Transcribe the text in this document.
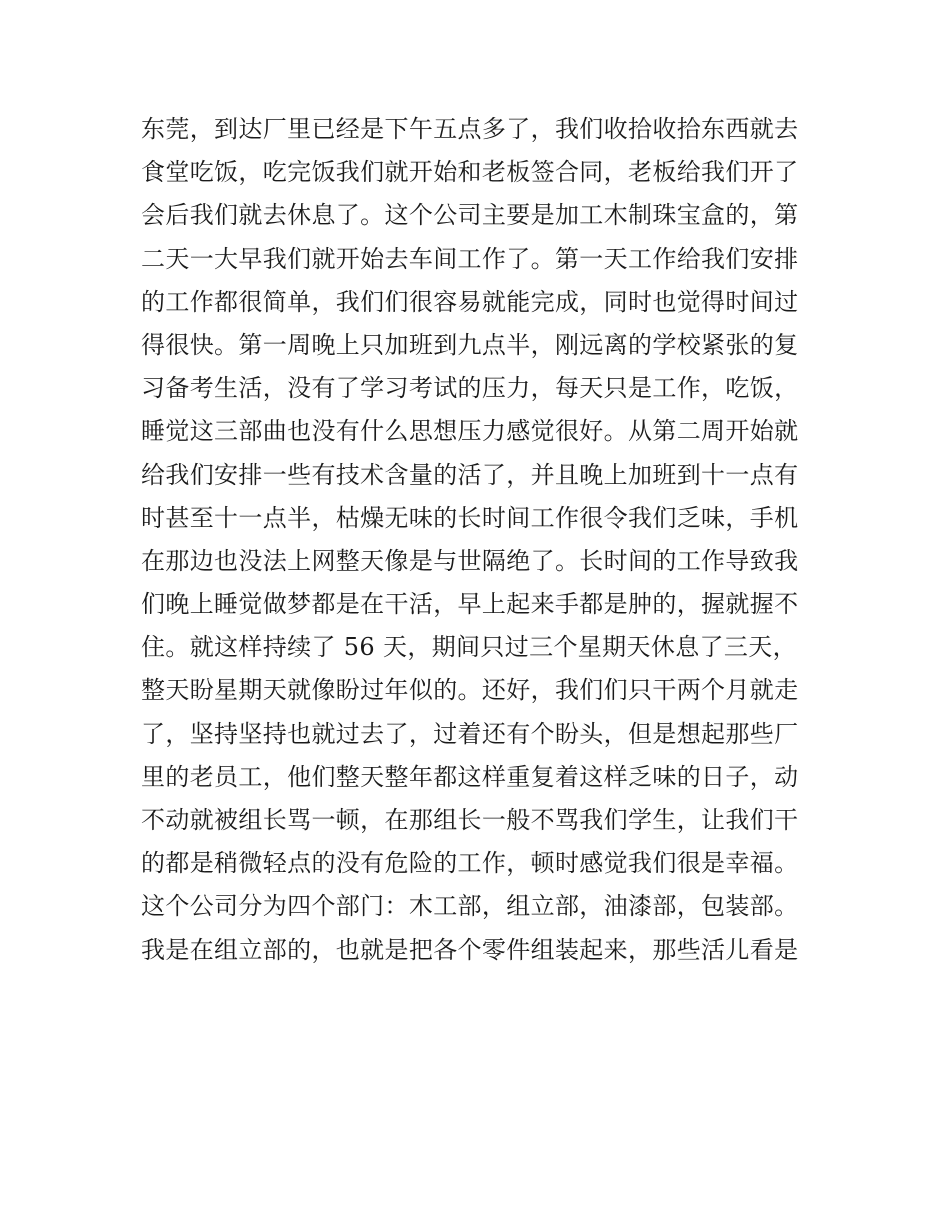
东莞，到达厂里已经是下午五点多了，我们收拾收拾东西就去
食堂吃饭，吃完饭我们就开始和老板签合同，老板给我们开了
会后我们就去休息了。这个公司主要是加工木制珠宝盒的，第
二天一大早我们就开始去车间工作了。第一天工作给我们安排
的工作都很简单，我们们很容易就能完成，同时也觉得时间过
得很快。第一周晚上只加班到九点半，刚远离的学校紧张的复
习备考生活，没有了学习考试的压力，每天只是工作，吃饭，
睡觉这三部曲也没有什么思想压力感觉很好。从第二周开始就
给我们安排一些有技术含量的活了，并且晚上加班到十一点有
时甚至十一点半，枯燥无味的长时间工作很令我们乏味，手机
在那边也没法上网整天像是与世隔绝了。长时间的工作导致我
们晚上睡觉做梦都是在干活，早上起来手都是肿的，握就握不
住。就这样持续了 56 天，期间只过三个星期天休息了三天，
整天盼星期天就像盼过年似的。还好，我们们只干两个月就走
了，坚持坚持也就过去了，过着还有个盼头，但是想起那些厂
里的老员工，他们整天整年都这样重复着这样乏味的日子，动
不动就被组长骂一顿，在那组长一般不骂我们学生，让我们干
的都是稍微轻点的没有危险的工作，顿时感觉我们很是幸福。
这个公司分为四个部门：木工部，组立部，油漆部，包装部。
我是在组立部的，也就是把各个零件组装起来，那些活儿看是
